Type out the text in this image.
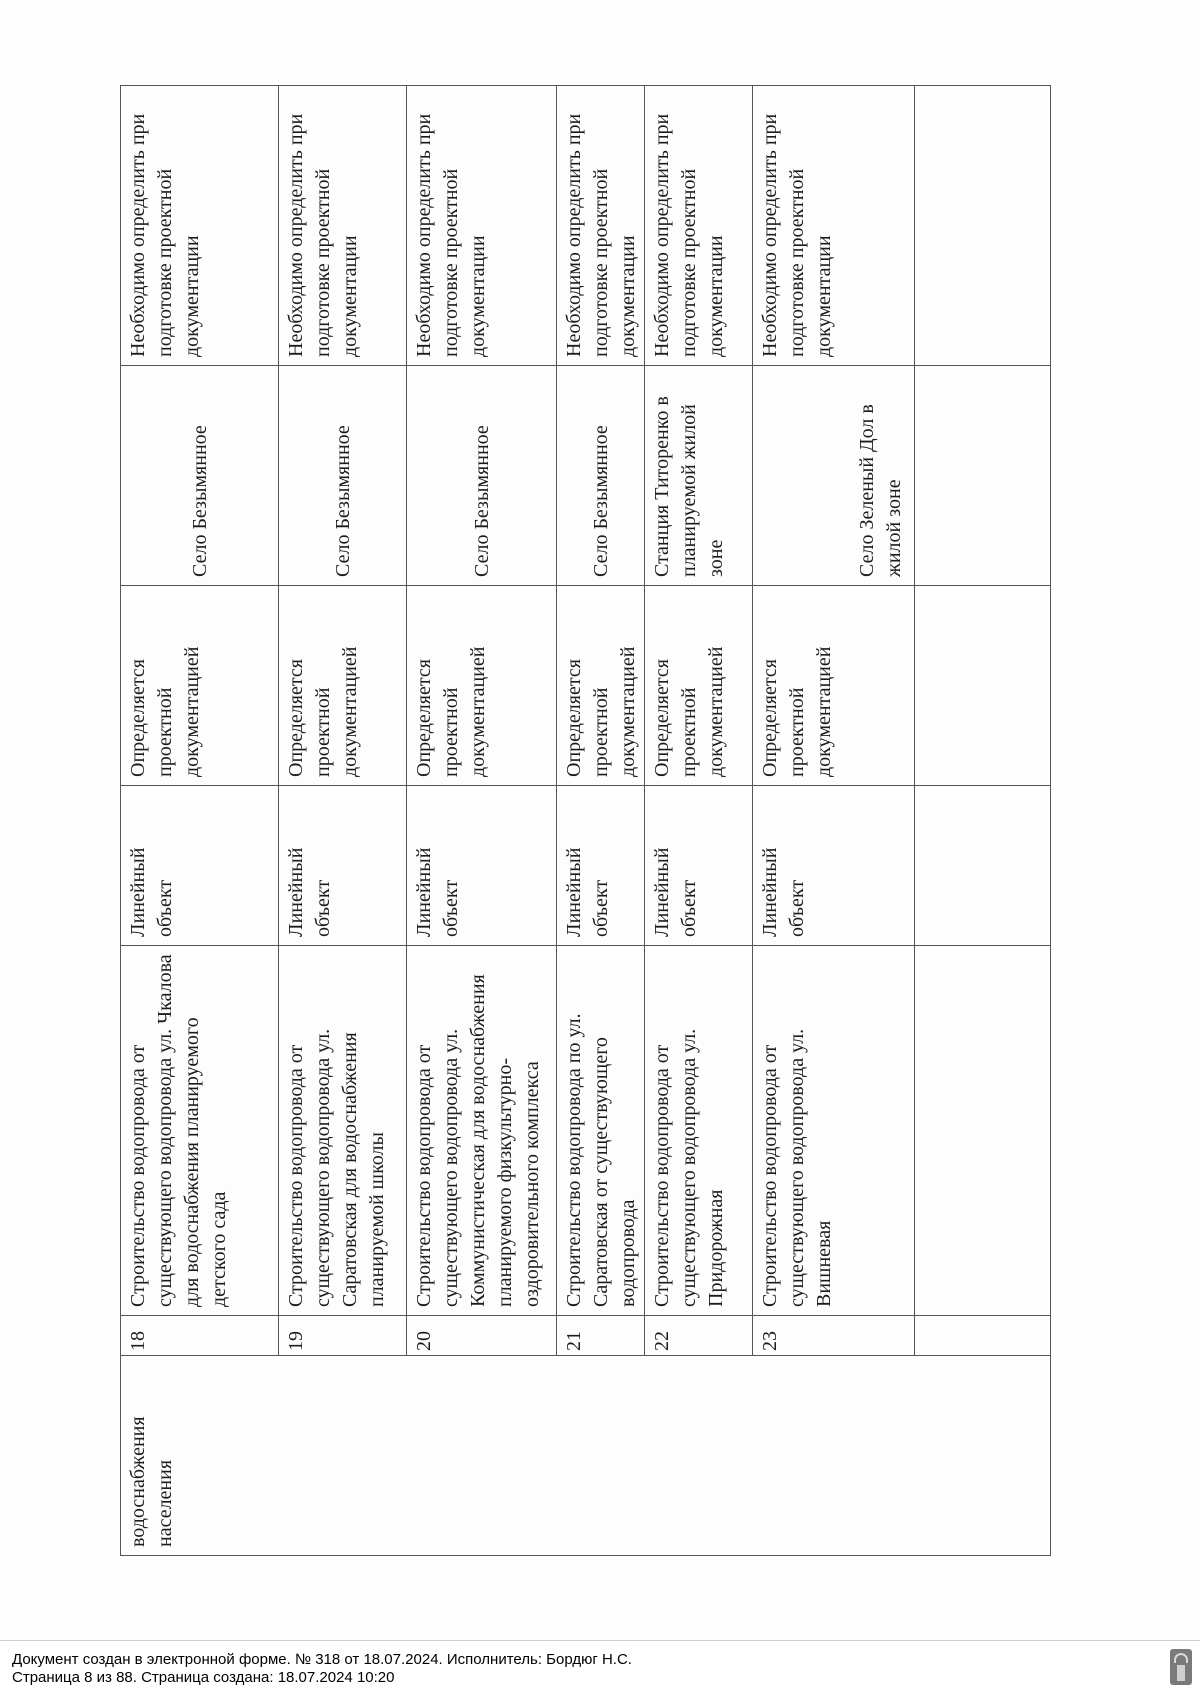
водоснабжения населения	18	Строительство водопровода от существующего водопровода ул. Чкалова для водоснабжения планируемого детского сада	Линейный объект	Определяется проектной документацией	Село Безымянное	Необходимо определить при подготовке проектной документации
	19	Строительство водопровода от существующего водопровода ул. Саратовская для водоснабжения планируемой школы	Линейный объект	Определяется проектной документацией	Село Безымянное	Необходимо определить при подготовке проектной документации
	20	Строительство водопровода от существующего водопровода ул. Коммунистическая для водоснабжения планируемого физкультурно-оздоровительного комплекса	Линейный объект	Определяется проектной документацией	Село Безымянное	Необходимо определить при подготовке проектной документации
	21	Строительство водопровода по ул. Саратовская от существующего водопровода	Линейный объект	Определяется проектной документацией	Село Безымянное	Необходимо определить при подготовке проектной документации
	22	Строительство водопровода от существующего водопровода ул. Придорожная	Линейный объект	Определяется проектной документацией	Станция Титоренко в планируемой жилой зоне	Необходимо определить при подготовке проектной документации
	23	Строительство водопровода от существующего водопровода ул. Вишневая	Линейный объект	Определяется проектной документацией	Село Зеленый Дол в жилой зоне	Необходимо определить при подготовке проектной документации

Документ создан в электронной форме. № 318 от 18.07.2024. Исполнитель: Бордюг Н.С.
Страница 8 из 88. Страница создана: 18.07.2024 10:20
